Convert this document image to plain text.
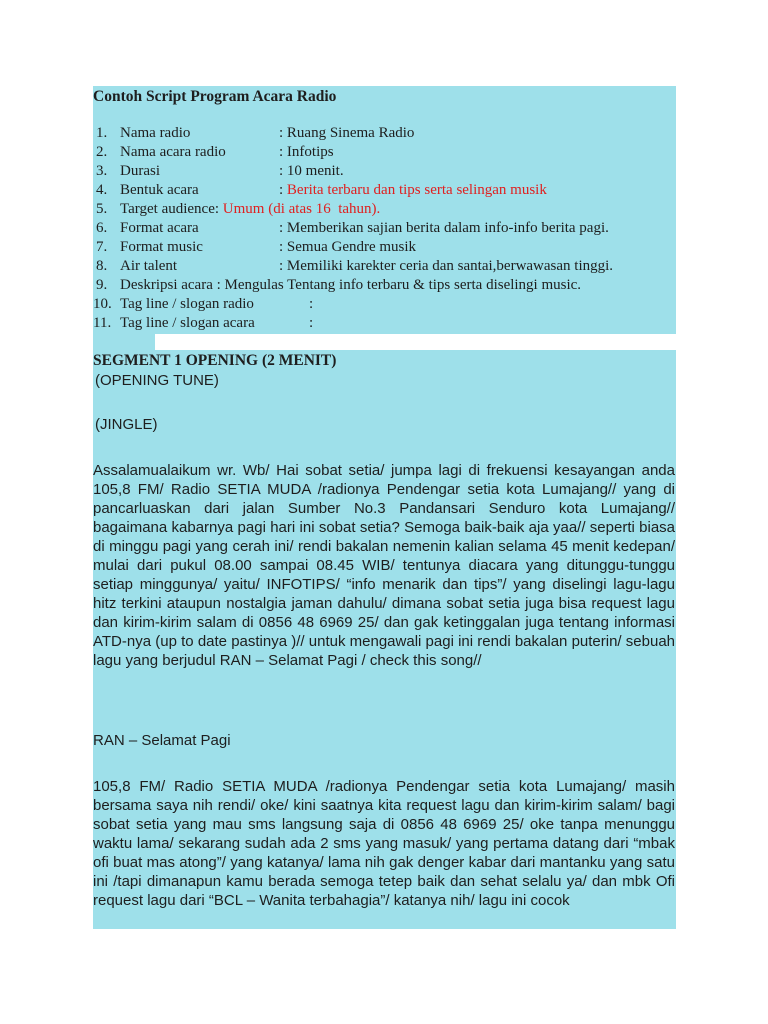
Contoh Script Program Acara Radio
1. Nama radio	: Ruang Sinema Radio
2. Nama acara radio	: Infotips
3. Durasi	: 10 menit.
4. Bentuk acara	: Berita terbaru dan tips serta selingan musik
5. Target audience: Umum (di atas 16  tahun).
6. Format acara	: Memberikan sajian berita dalam info-info berita pagi.
7. Format music	: Semua Gendre musik
8. Air talent	: Memiliki karekter ceria dan santai,berwawasan tinggi.
9. Deskripsi acara : Mengulas Tentang info terbaru & tips serta diselingi music.
10. Tag line / slogan radio	:
11. Tag line / slogan acara	:
SEGMENT 1 OPENING (2 MENIT)
(OPENING TUNE)
(JINGLE)
Assalamualaikum wr. Wb/ Hai sobat setia/ jumpa lagi di frekuensi kesayangan anda 105,8 FM/ Radio SETIA MUDA /radionya Pendengar setia kota Lumajang// yang di pancarluaskan dari jalan Sumber No.3 Pandansari Senduro kota Lumajang// bagaimana kabarnya pagi hari ini sobat setia? Semoga baik-baik aja yaa// seperti biasa di minggu pagi yang cerah ini/ rendi bakalan nemenin kalian selama 45 menit kedepan/ mulai dari pukul 08.00 sampai 08.45 WIB/ tentunya diacara yang ditunggu-tunggu setiap minggunya/ yaitu/ INFOTIPS/ “info menarik dan tips”/ yang diselingi lagu-lagu hitz terkini ataupun nostalgia jaman dahulu/ dimana sobat setia juga bisa request lagu dan kirim-kirim salam di 0856 48 6969 25/ dan gak ketinggalan juga tentang informasi ATD-nya (up to date pastinya )// untuk mengawali pagi ini rendi bakalan puterin/ sebuah lagu yang berjudul RAN – Selamat Pagi / check this song//
RAN – Selamat Pagi
105,8 FM/ Radio SETIA MUDA /radionya Pendengar setia kota Lumajang/ masih bersama saya nih rendi/ oke/ kini saatnya kita request lagu dan kirim-kirim salam/ bagi sobat setia yang mau sms langsung saja di 0856 48 6969 25/ oke tanpa menunggu waktu lama/ sekarang sudah ada 2 sms yang masuk/ yang pertama datang dari “mbak ofi buat mas atong”/ yang katanya/ lama nih gak denger kabar dari mantanku yang satu ini /tapi dimanapun kamu berada semoga tetep baik dan sehat selalu ya/ dan mbk Ofi request lagu dari “BCL – Wanita terbahagia”/ katanya nih/ lagu ini cocok
